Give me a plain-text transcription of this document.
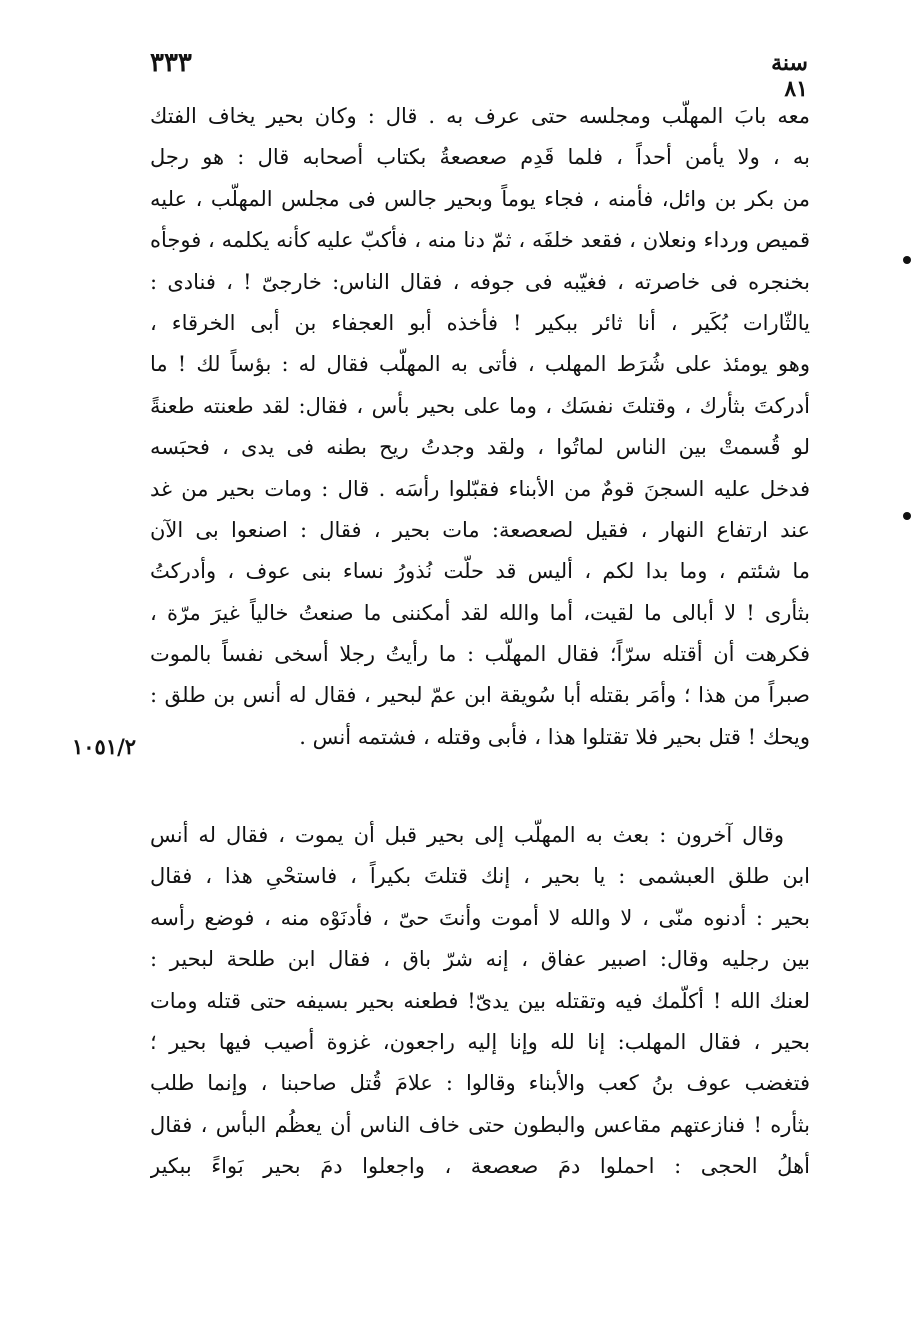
٣٣٣	سنة ٨١
١٠٥١/٢
معه بابَ المهلّب ومجلسه حتى عرف به . قال : وكان بحير يخاف الفتك
به ، ولا يأمن أحداً ، فلما قَدِم صعصعةُ بكتاب أصحابه قال : هو رجل
من بكر بن وائل، فأمنه ، فجاء يوماً وبحير جالس فى مجلس المهلّب ، عليه
قميص ورداء ونعلان ، فقعد خلفَه ، ثمّ دنا منه ، فأكبّ عليه كأنه يكلمه ، فوجأه
بخنجره فى خاصرته ، فغيّبه فى جوفه ، فقال الناس: خارجىّ ! ، فنادى :
يالثّارات بُكَير ، أنا ثائر ببكير ! فأخذه أبو العجفاء بن أبى الخرقاء ،
وهو يومئذ على شُرَط المهلب ، فأتى به المهلّب فقال له : بؤساً لك ! ما
أدركتَ بثأرك ، وقتلتَ نفسَك ، وما على بحير بأس ، فقال: لقد طعنته طعنةً
لو قُسمتْ بين الناس لماتُوا ، ولقد وجدتُ ريح بطنه فى يدى ، فحبَسه
فدخل عليه السجنَ قومٌ من الأبناء فقبّلوا رأسَه . قال : ومات بحير من غد
عند ارتفاع النهار ، فقيل لصعصعة: مات بحير ، فقال : اصنعوا بى الآن
ما شئتم ، وما بدا لكم ، أليس قد حلّت نُذورُ نساء بنى عوف ، وأدركتُ
بثأرى ! لا أبالى ما لقيت، أما والله لقد أمكننى ما صنعتُ خالياً غيرَ مرّة ،
فكرهت أن أقتله سرّاً؛ فقال المهلّب : ما رأيتُ رجلا أسخى نفساً بالموت
صبراً من هذا ؛ وأمَر بقتله أبا سُويقة ابن عمّ لبحير ، فقال له أنس بن طلق :
ويحك ! قتل بحير فلا تقتلوا هذا ، فأبى وقتله ، فشتمه أنس .
وقال آخرون : بعث به المهلّب إلى بحير قبل أن يموت ، فقال له أنس
ابن طلق العبشمى : يا بحير ، إنك قتلتَ بكيراً ، فاستحْىِ هذا ، فقال
بحير : أدنوه منّى ، لا والله لا أموت وأنتَ حىّ ، فأدنَوْه منه ، فوضع رأسه
بين رجليه وقال: اصبير عفاق ، إنه شرّ باق ، فقال ابن طلحة لبحير :
لعنك الله ! أكلّمك فيه وتقتله بين يدىّ! فطعنه بحير بسيفه حتى قتله ومات
بحير ، فقال المهلب: إنا لله وإنا إليه راجعون، غزوة أصيب فيها بحير ؛
فتغضب عوف بنُ كعب والأبناء وقالوا : علامَ قُتل صاحبنا ، وإنما طلب
بثأره ! فنازعتهم مقاعس والبطون حتى خاف الناس أن يعظُم البأس ، فقال
أهلُ الحجى : احملوا دمَ صعصعة ، واجعلوا دمَ بحير بَواءً ببكير
